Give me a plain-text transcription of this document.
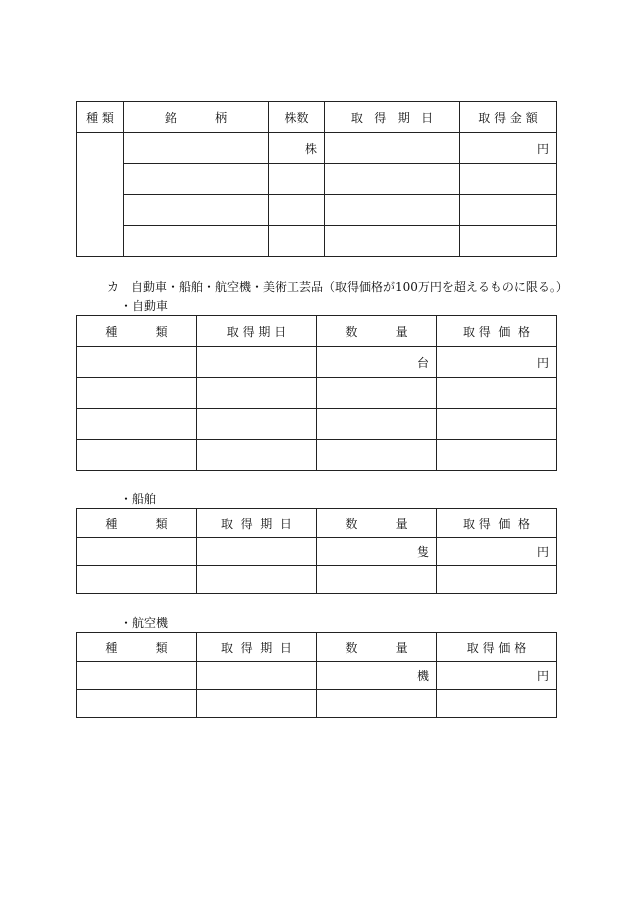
種 類	銘          柄	株数	取   得   期   日	取 得 金 額
		株		円

カ　自動車・船舶・航空機・美術工芸品（取得価格が100万円を超えるものに限る。）
・自動車
種          類	取 得 期 日	数          量	取 得  価  格
		台	円

・船舶
種          類	取  得  期  日	数          量	取 得  価  格
		隻	円

・航空機
種          類	取  得  期  日	数          量	取 得 価 格
		機	円
